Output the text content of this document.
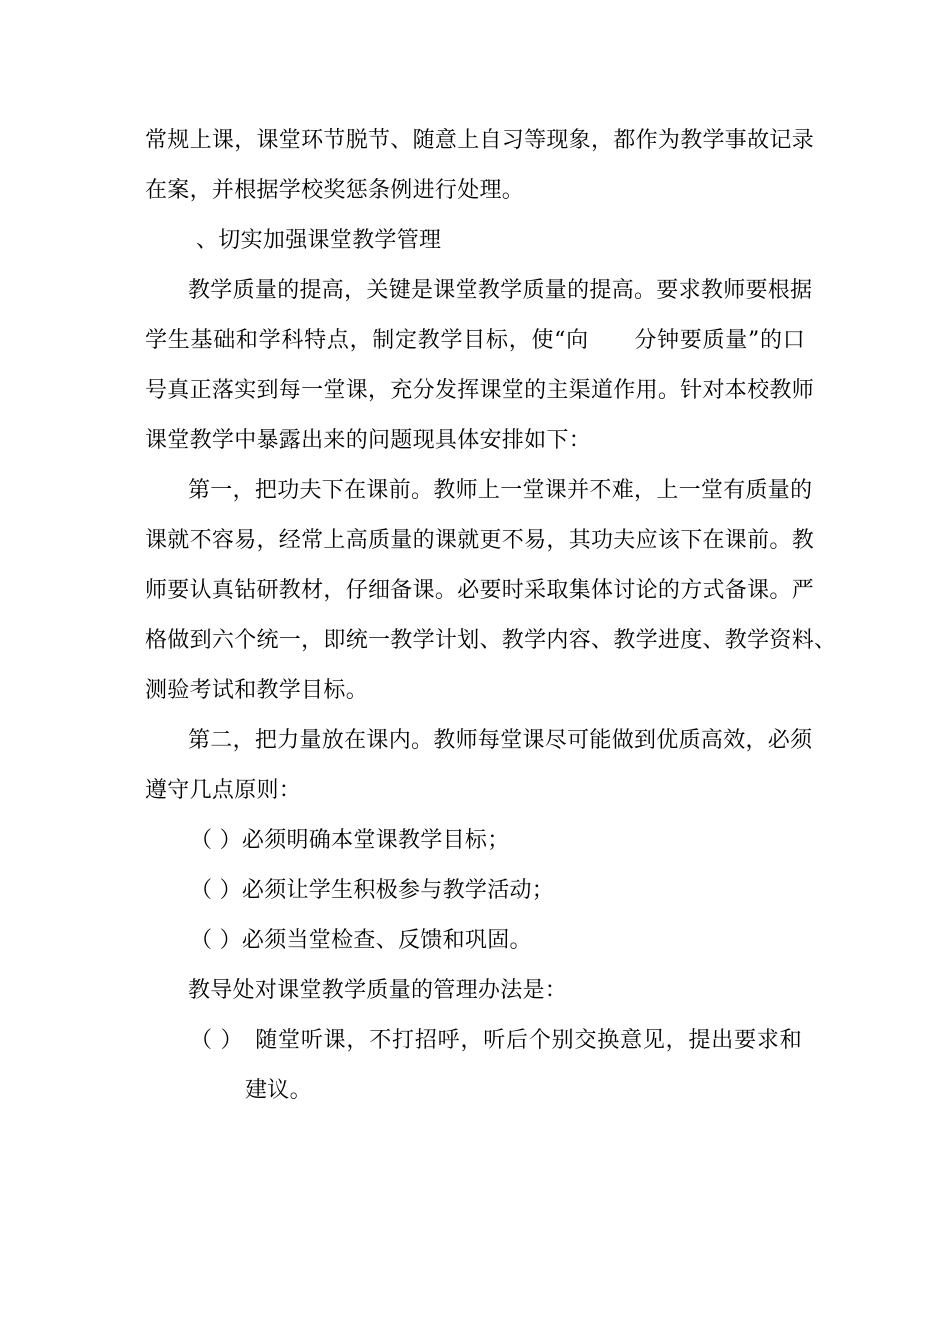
常规上课，课堂环节脱节、随意上自习等现象，都作为教学事故记录
在案，并根据学校奖惩条例进行处理。
、切实加强课堂教学管理
教学质量的提高，关键是课堂教学质量的提高。要求教师要根据
学生基础和学科特点，制定教学目标，使“向　　分钟要质量”的口
号真正落实到每一堂课，充分发挥课堂的主渠道作用。针对本校教师
课堂教学中暴露出来的问题现具体安排如下：
第一，把功夫下在课前。教师上一堂课并不难，上一堂有质量的
课就不容易，经常上高质量的课就更不易，其功夫应该下在课前。教
师要认真钻研教材，仔细备课。必要时采取集体讨论的方式备课。严
格做到六个统一，即统一教学计划、教学内容、教学进度、教学资料、
测验考试和教学目标。
第二，把力量放在课内。教师每堂课尽可能做到优质高效，必须
遵守几点原则：
（ ）必须明确本堂课教学目标；
（ ）必须让学生积极参与教学活动；
（ ）必须当堂检查、反馈和巩固。
教导处对课堂教学质量的管理办法是：
（ ）　随堂听课，不打招呼，听后个别交换意见，提出要求和
建议。
